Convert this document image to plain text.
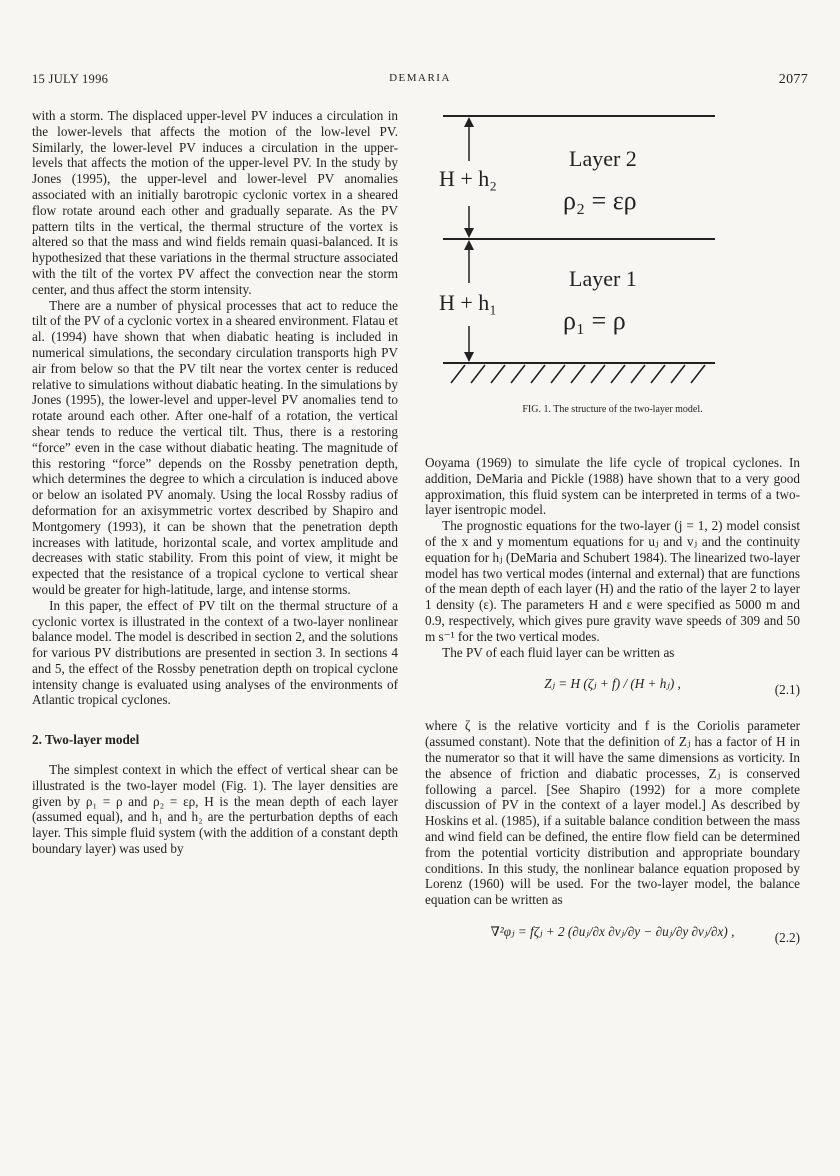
15 JULY 1996	DEMARIA	2077

with a storm. The displaced upper-level PV induces a circulation in the lower-levels that affects the motion of the low-level PV. Similarly, the lower-level PV induces a circulation in the upper-levels that affects the motion of the upper-level PV. In the study by Jones (1995), the upper-level and lower-level PV anomalies associated with an initially barotropic cyclonic vortex in a sheared flow rotate around each other and gradually separate. As the PV pattern tilts in the vertical, the thermal structure of the vortex is altered so that the mass and wind fields remain quasi-balanced. It is hypothesized that these variations in the thermal structure associated with the tilt of the vortex PV affect the convection near the storm center, and thus affect the storm intensity.

There are a number of physical processes that act to reduce the tilt of the PV of a cyclonic vortex in a sheared environment. Flatau et al. (1994) have shown that when diabatic heating is included in numerical simulations, the secondary circulation transports high PV air from below so that the PV tilt near the vortex center is reduced relative to simulations without diabatic heating. In the simulations by Jones (1995), the lower-level and upper-level PV anomalies tend to rotate around each other. After one-half of a rotation, the vertical shear tends to reduce the vertical tilt. Thus, there is a restoring “force” even in the case without diabatic heating. The magnitude of this restoring “force” depends on the Rossby penetration depth, which determines the degree to which a circulation is induced above or below an isolated PV anomaly. Using the local Rossby radius of deformation for an axisymmetric vortex described by Shapiro and Montgomery (1993), it can be shown that the penetration depth increases with latitude, horizontal scale, and vortex amplitude and decreases with static stability. From this point of view, it might be expected that the resistance of a tropical cyclone to vertical shear would be greater for high-latitude, large, and intense storms.

In this paper, the effect of PV tilt on the thermal structure of a cyclonic vortex is illustrated in the context of a two-layer nonlinear balance model. The model is described in section 2, and the solutions for various PV distributions are presented in section 3. In sections 4 and 5, the effect of the Rossby penetration depth on tropical cyclone intensity change is evaluated using analyses of the environments of Atlantic tropical cyclones.

2. Two-layer model

The simplest context in which the effect of vertical shear can be illustrated is the two-layer model (Fig. 1). The layer densities are given by ρ₁ = ρ and ρ₂ = ερ, H is the mean depth of each layer (assumed equal), and h₁ and h₂ are the perturbation depths of each layer. This simple fluid system (with the addition of a constant depth boundary layer) was used by

H + h₂
Layer 2
ρ₂ = ερ
H + h₁
Layer 1
ρ₁ = ρ
FIG. 1. The structure of the two-layer model.

Ooyama (1969) to simulate the life cycle of tropical cyclones. In addition, DeMaria and Pickle (1988) have shown that to a very good approximation, this fluid system can be interpreted in terms of a two-layer isentropic model.

The prognostic equations for the two-layer (j = 1, 2) model consist of the x and y momentum equations for uⱼ and vⱼ and the continuity equation for hⱼ (DeMaria and Schubert 1984). The linearized two-layer model has two vertical modes (internal and external) that are functions of the mean depth of each layer (H) and the ratio of the layer 2 to layer 1 density (ε). The parameters H and ε were specified as 5000 m and 0.9, respectively, which gives pure gravity wave speeds of 309 and 50 m s⁻¹ for the two vertical modes.

The PV of each fluid layer can be written as

Zⱼ = H (ζⱼ + f) / (H + hⱼ) ,	(2.1)

where ζ is the relative vorticity and f is the Coriolis parameter (assumed constant). Note that the definition of Zⱼ has a factor of H in the numerator so that it will have the same dimensions as vorticity. In the absence of friction and diabatic processes, Zⱼ is conserved following a parcel. [See Shapiro (1992) for a more complete discussion of PV in the context of a layer model.] As described by Hoskins et al. (1985), if a suitable balance condition between the mass and wind field can be defined, the entire flow field can be determined from the potential vorticity distribution and appropriate boundary conditions. In this study, the nonlinear balance equation proposed by Lorenz (1960) will be used. For the two-layer model, the balance equation can be written as

∇²φⱼ = fζⱼ + 2 (∂uⱼ/∂x ∂vⱼ/∂y − ∂uⱼ/∂y ∂vⱼ/∂x) ,	(2.2)
